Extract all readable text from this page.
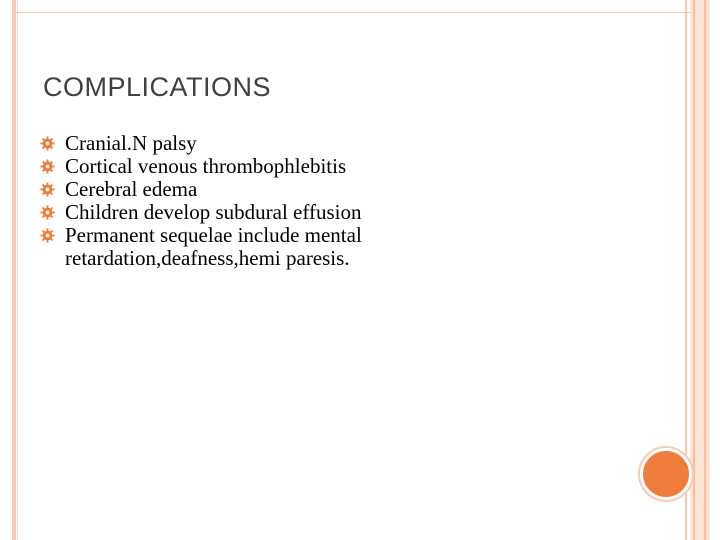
COMPLICATIONS
Cranial.N palsy
Cortical venous thrombophlebitis
Cerebral edema
Children develop subdural effusion
Permanent sequelae include mental retardation,deafness,hemi paresis.
